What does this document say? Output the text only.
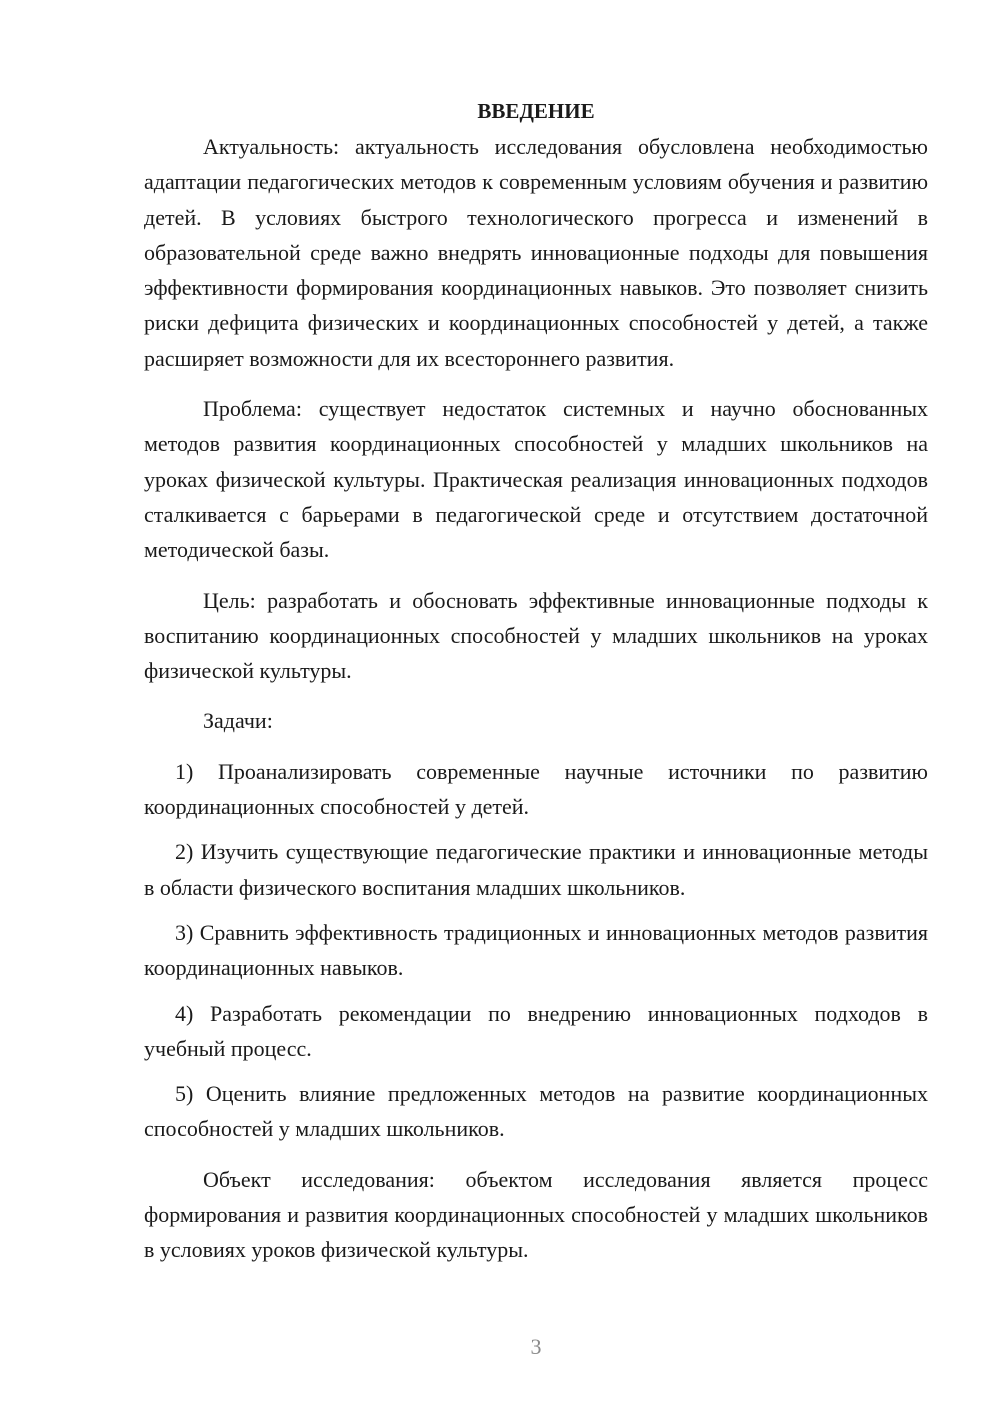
ВВЕДЕНИЕ

Актуальность: актуальность исследования обусловлена необходимостью адаптации педагогических методов к современным условиям обучения и развитию детей. В условиях быстрого технологического прогресса и изменений в образовательной среде важно внедрять инновационные подходы для повышения эффективности формирования координационных навыков. Это позволяет снизить риски дефицита физических и координационных способностей у детей, а также расширяет возможности для их всестороннего развития.

Проблема: существует недостаток системных и научно обоснованных методов развития координационных способностей у младших школьников на уроках физической культуры. Практическая реализация инновационных подходов сталкивается с барьерами в педагогической среде и отсутствием достаточной методической базы.

Цель: разработать и обосновать эффективные инновационные подходы к воспитанию координационных способностей у младших школьников на уроках физической культуры.

Задачи:

1) Проанализировать современные научные источники по развитию координационных способностей у детей.

2) Изучить существующие педагогические практики и инновационные методы в области физического воспитания младших школьников.

3) Сравнить эффективность традиционных и инновационных методов развития координационных навыков.

4) Разработать рекомендации по внедрению инновационных подходов в учебный процесс.

5) Оценить влияние предложенных методов на развитие координационных способностей у младших школьников.

Объект исследования: объектом исследования является процесс формирования и развития координационных способностей у младших школьников в условиях уроков физической культуры.

3
